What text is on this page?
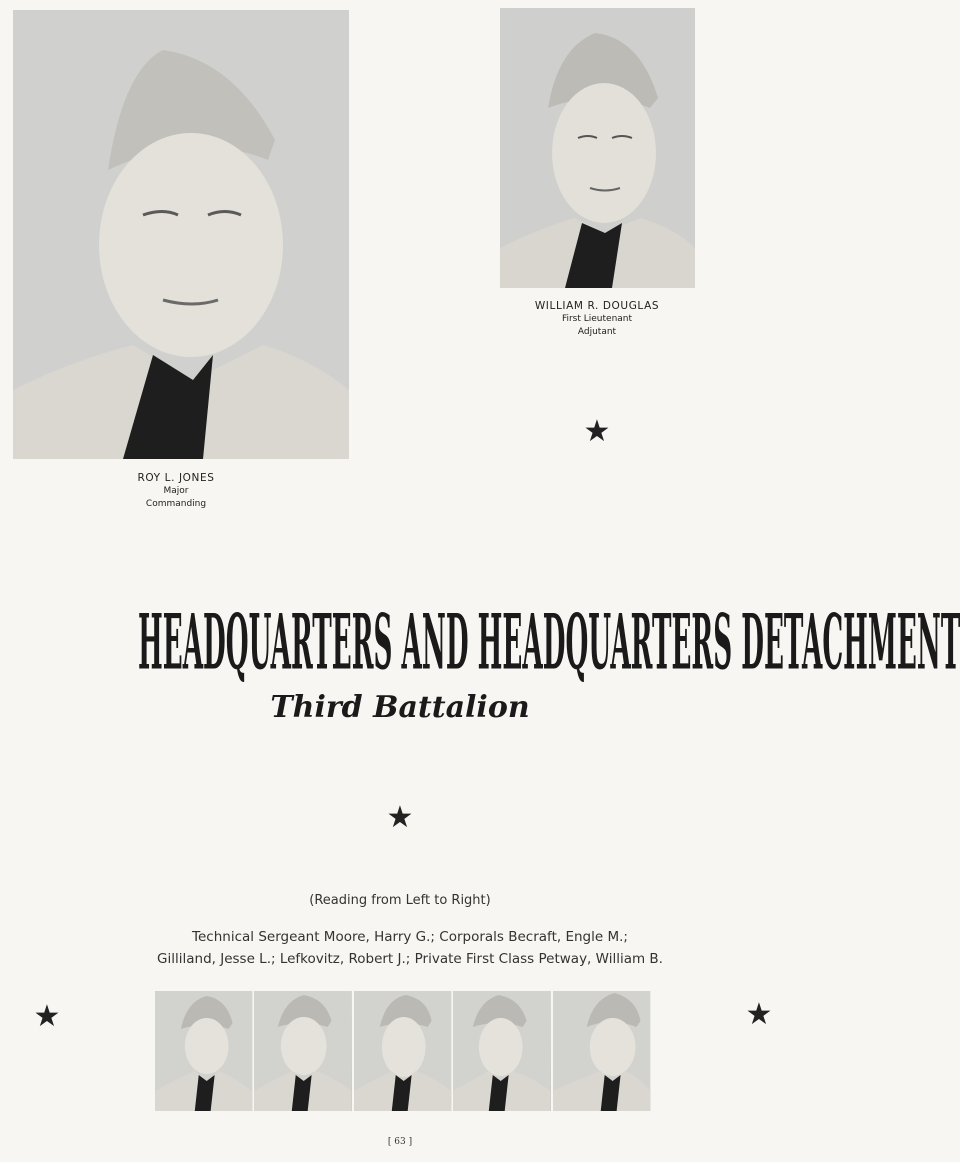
ROY L. JONES
Major
Commanding
WILLIAM R. DOUGLAS
First Lieutenant
Adjutant
★
★
★	★
HEADQUARTERS AND HEADQUARTERS DETACHMENT
Third Battalion
(Reading from Left to Right)
Technical Sergeant Moore, Harry G.; Corporals Becraft, Engle M.;
Gilliland, Jesse L.; Lefkovitz, Robert J.; Private First Class Petway, William B.
[ 63 ]
